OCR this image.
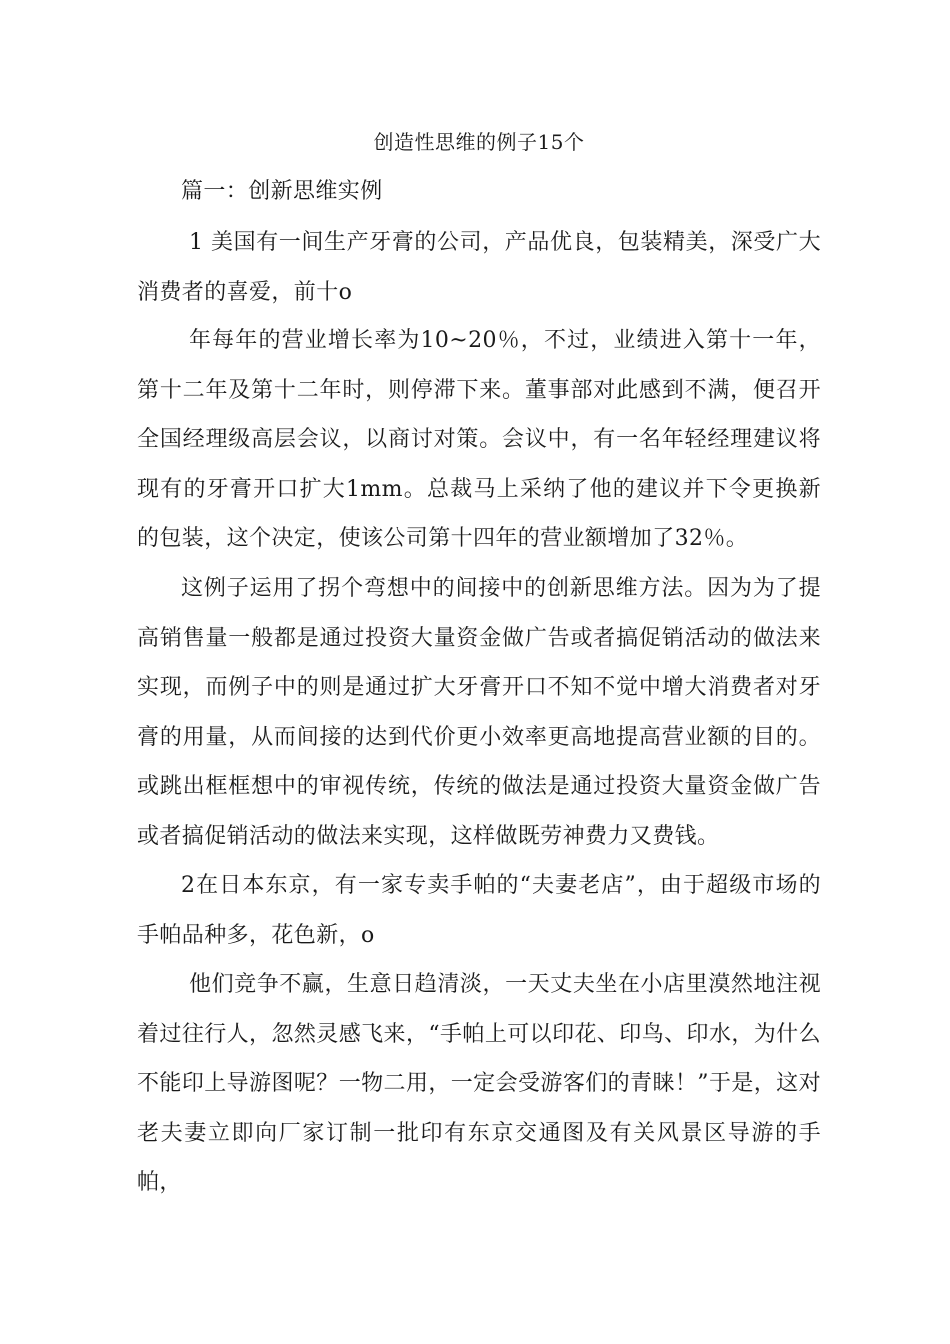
创造性思维的例子15个

篇一：创新思维实例

1 美国有一间生产牙膏的公司，产品优良，包装精美，深受广大消费者的喜爱，前十o

年每年的营业增长率为10~20％，不过，业绩进入第十一年，第十二年及第十二年时，则停滞下来。董事部对此感到不满，便召开全国经理级高层会议，以商讨对策。会议中，有一名年轻经理建议将现有的牙膏开口扩大1mm。总裁马上采纳了他的建议并下令更换新的包装，这个决定，使该公司第十四年的营业额增加了32％。

这例子运用了拐个弯想中的间接中的创新思维方法。因为为了提高销售量一般都是通过投资大量资金做广告或者搞促销活动的做法来实现，而例子中的则是通过扩大牙膏开口不知不觉中增大消费者对牙膏的用量，从而间接的达到代价更小效率更高地提高营业额的目的。或跳出框框想中的审视传统，传统的做法是通过投资大量资金做广告或者搞促销活动的做法来实现，这样做既劳神费力又费钱。

2在日本东京，有一家专卖手帕的“夫妻老店”，由于超级市场的手帕品种多，花色新，o

他们竞争不赢，生意日趋清淡，一天丈夫坐在小店里漠然地注视着过往行人，忽然灵感飞来，“手帕上可以印花、印鸟、印水，为什么不能印上导游图呢？一物二用，一定会受游客们的青睐！”于是，这对老夫妻立即向厂家订制一批印有东京交通图及有关风景区导游的手帕，
